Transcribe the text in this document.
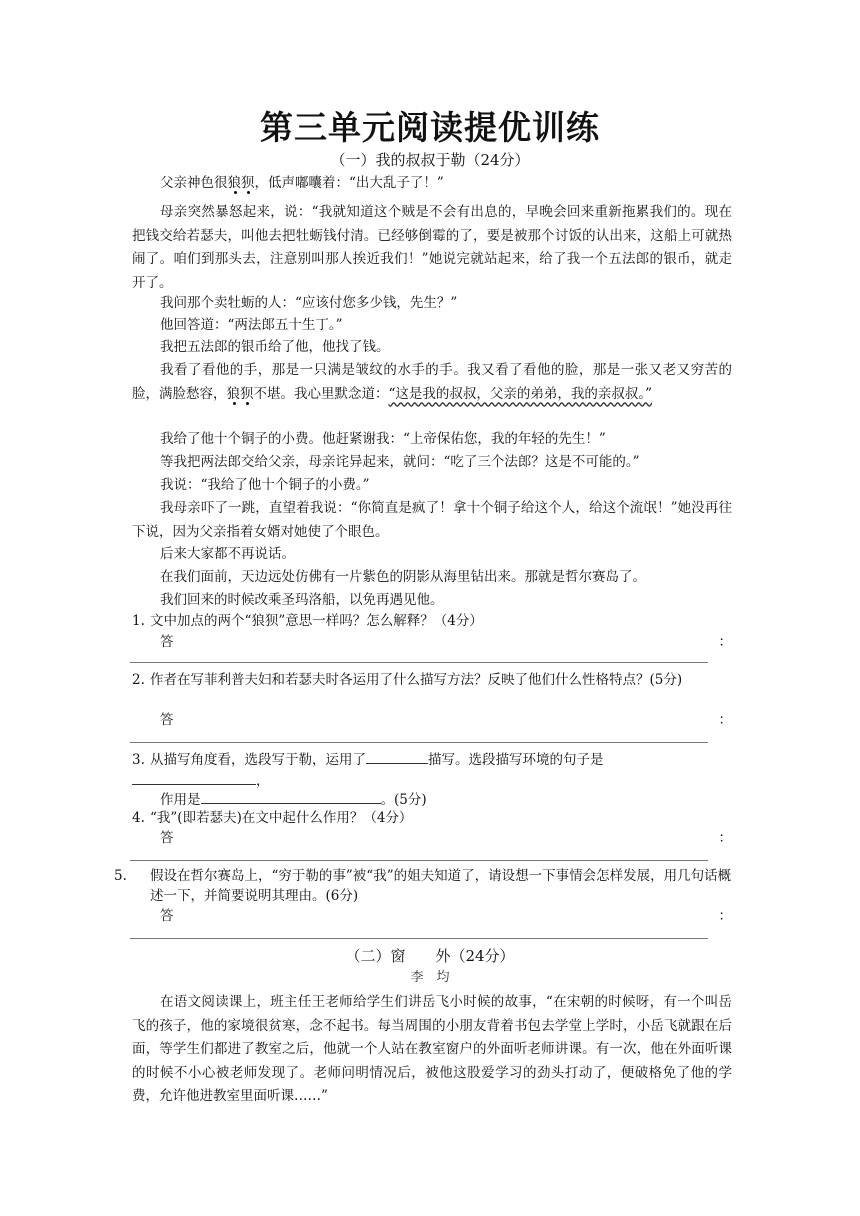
第三单元阅读提优训练
（一）我的叔叔于勒（24分）
父亲神色很狼狈，低声嘟囔着：“出大乱子了！”
母亲突然暴怒起来，说：“我就知道这个贼是不会有出息的，早晚会回来重新拖累我们的。现在把钱交给若瑟夫，叫他去把牡蛎钱付清。已经够倒霉的了，要是被那个讨饭的认出来，这船上可就热闹了。咱们到那头去，注意别叫那人挨近我们！”她说完就站起来，给了我一个五法郎的银币，就走开了。
我问那个卖牡蛎的人：“应该付您多少钱，先生？”
他回答道：“两法郎五十生丁。”
我把五法郎的银币给了他，他找了钱。
我看了看他的手，那是一只满是皱纹的水手的手。我又看了看他的脸，那是一张又老又穷苦的脸，满脸愁容，狼狈不堪。我心里默念道：“这是我的叔叔，父亲的弟弟，我的亲叔叔。”
我给了他十个铜子的小费。他赶紧谢我：“上帝保佑您，我的年轻的先生！”
等我把两法郎交给父亲，母亲诧异起来，就问：“吃了三个法郎？这是不可能的。”
我说：“我给了他十个铜子的小费。”
我母亲吓了一跳，直望着我说：“你简直是疯了！拿十个铜子给这个人，给这个流氓！”她没再往下说，因为父亲指着女婿对她使了个眼色。
后来大家都不再说话。
在我们面前，天边远处仿佛有一片紫色的阴影从海里钻出来。那就是哲尔赛岛了。
我们回来的时候改乘圣玛洛船，以免再遇见他。
1. 文中加点的两个“狼狈”意思一样吗？怎么解释？（4分）
答	：
2. 作者在写菲利普夫妇和若瑟夫时各运用了什么描写方法？反映了他们什么性格特点？(5分)
答	：
3. 从描写角度看，选段写于勒，运用了	描写。选段描写环境的句子是
，
作用是	。(5分)
4. “我”(即若瑟夫)在文中起什么作用？（4分）
答	：
5. 假设在哲尔赛岛上，“穷于勒的事”被“我”的姐夫知道了，请设想一下事情会怎样发展，用几句话概述一下，并简要说明其理由。(6分)
答	：
（二）窗　　外（24分）
李　均
在语文阅读课上，班主任王老师给学生们讲岳飞小时候的故事，“在宋朝的时候呀，有一个叫岳飞的孩子，他的家境很贫寒，念不起书。每当周围的小朋友背着书包去学堂上学时，小岳飞就跟在后面，等学生们都进了教室之后，他就一个人站在教室窗户的外面听老师讲课。有一次，他在外面听课的时候不小心被老师发现了。老师问明情况后，被他这股爱学习的劲头打动了，便破格免了他的学费，允许他进教室里面听课……”
